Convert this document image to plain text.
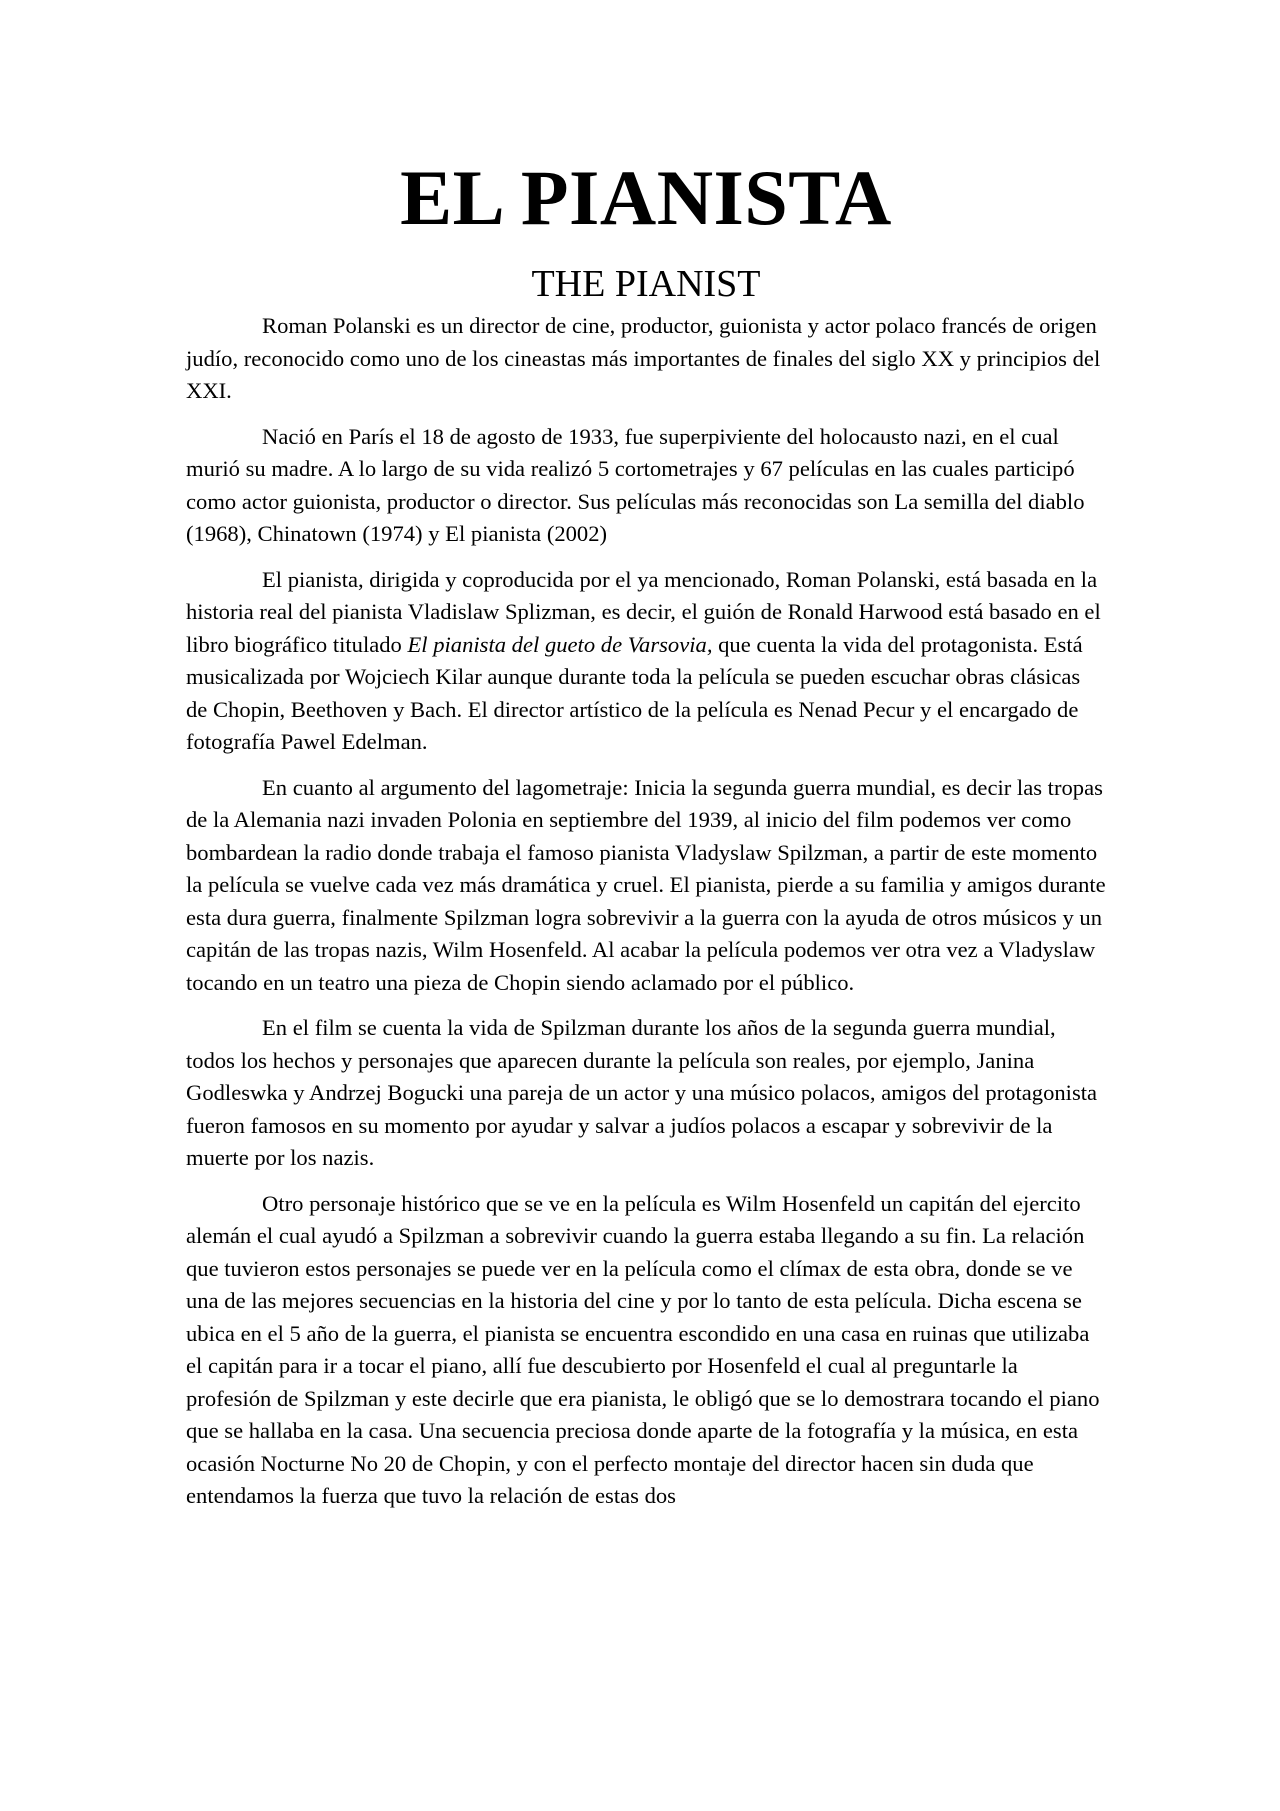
EL PIANISTA
THE PIANIST

Roman Polanski es un director de cine, productor, guionista y actor polaco francés de origen judío, reconocido como uno de los cineastas más importantes de finales del siglo XX y principios del XXI.

Nació en París el 18 de agosto de 1933, fue superpiviente del holocausto nazi, en el cual murió su madre. A lo largo de su vida realizó 5 cortometrajes y 67 películas en las cuales participó como actor guionista, productor o director. Sus películas más reconocidas son La semilla del diablo (1968), Chinatown (1974) y El pianista (2002)

El pianista, dirigida y coproducida por el ya mencionado, Roman Polanski, está basada en la historia real del pianista Vladislaw Splizman, es decir, el guión de Ronald Harwood está basado en el libro biográfico titulado El pianista del gueto de Varsovia, que cuenta la vida del protagonista. Está musicalizada por Wojciech Kilar aunque durante toda la película se pueden escuchar obras clásicas de Chopin, Beethoven y Bach. El director artístico de la película es Nenad Pecur y el encargado de fotografía Pawel Edelman.

En cuanto al argumento del lagometraje: Inicia la segunda guerra mundial, es decir las tropas de la Alemania nazi invaden Polonia en septiembre del 1939, al inicio del film podemos ver como bombardean la radio donde trabaja el famoso pianista Vladyslaw Spilzman, a partir de este momento la película se vuelve cada vez más dramática y cruel. El pianista, pierde a su familia y amigos durante esta dura guerra, finalmente Spilzman logra sobrevivir a la guerra con la ayuda de otros músicos y un capitán de las tropas nazis, Wilm Hosenfeld. Al acabar la película podemos ver otra vez a Vladyslaw tocando en un teatro una pieza de Chopin siendo aclamado por el público.

En el film se cuenta la vida de Spilzman durante los años de la segunda guerra mundial, todos los hechos y personajes que aparecen durante la película son reales, por ejemplo, Janina Godleswka y Andrzej Bogucki una pareja de un actor y una músico polacos, amigos del protagonista fueron famosos en su momento por ayudar y salvar a judíos polacos a escapar y sobrevivir de la muerte por los nazis.

Otro personaje histórico que se ve en la película es Wilm Hosenfeld un capitán del ejercito alemán el cual ayudó a Spilzman a sobrevivir cuando la guerra estaba llegando a su fin. La relación que tuvieron estos personajes se puede ver en la película como el clímax de esta obra, donde se ve una de las mejores secuencias en la historia del cine y por lo tanto de esta película. Dicha escena se ubica en el 5 año de la guerra, el pianista se encuentra escondido en una casa en ruinas que utilizaba el capitán para ir a tocar el piano, allí fue descubierto por Hosenfeld el cual al preguntarle la profesión de Spilzman y este decirle que era pianista, le obligó que se lo demostrara tocando el piano que se hallaba en la casa. Una secuencia preciosa donde aparte de la fotografía y la música, en esta ocasión Nocturne No 20 de Chopin, y con el perfecto montaje del director hacen sin duda que entendamos la fuerza que tuvo la relación de estas dos
